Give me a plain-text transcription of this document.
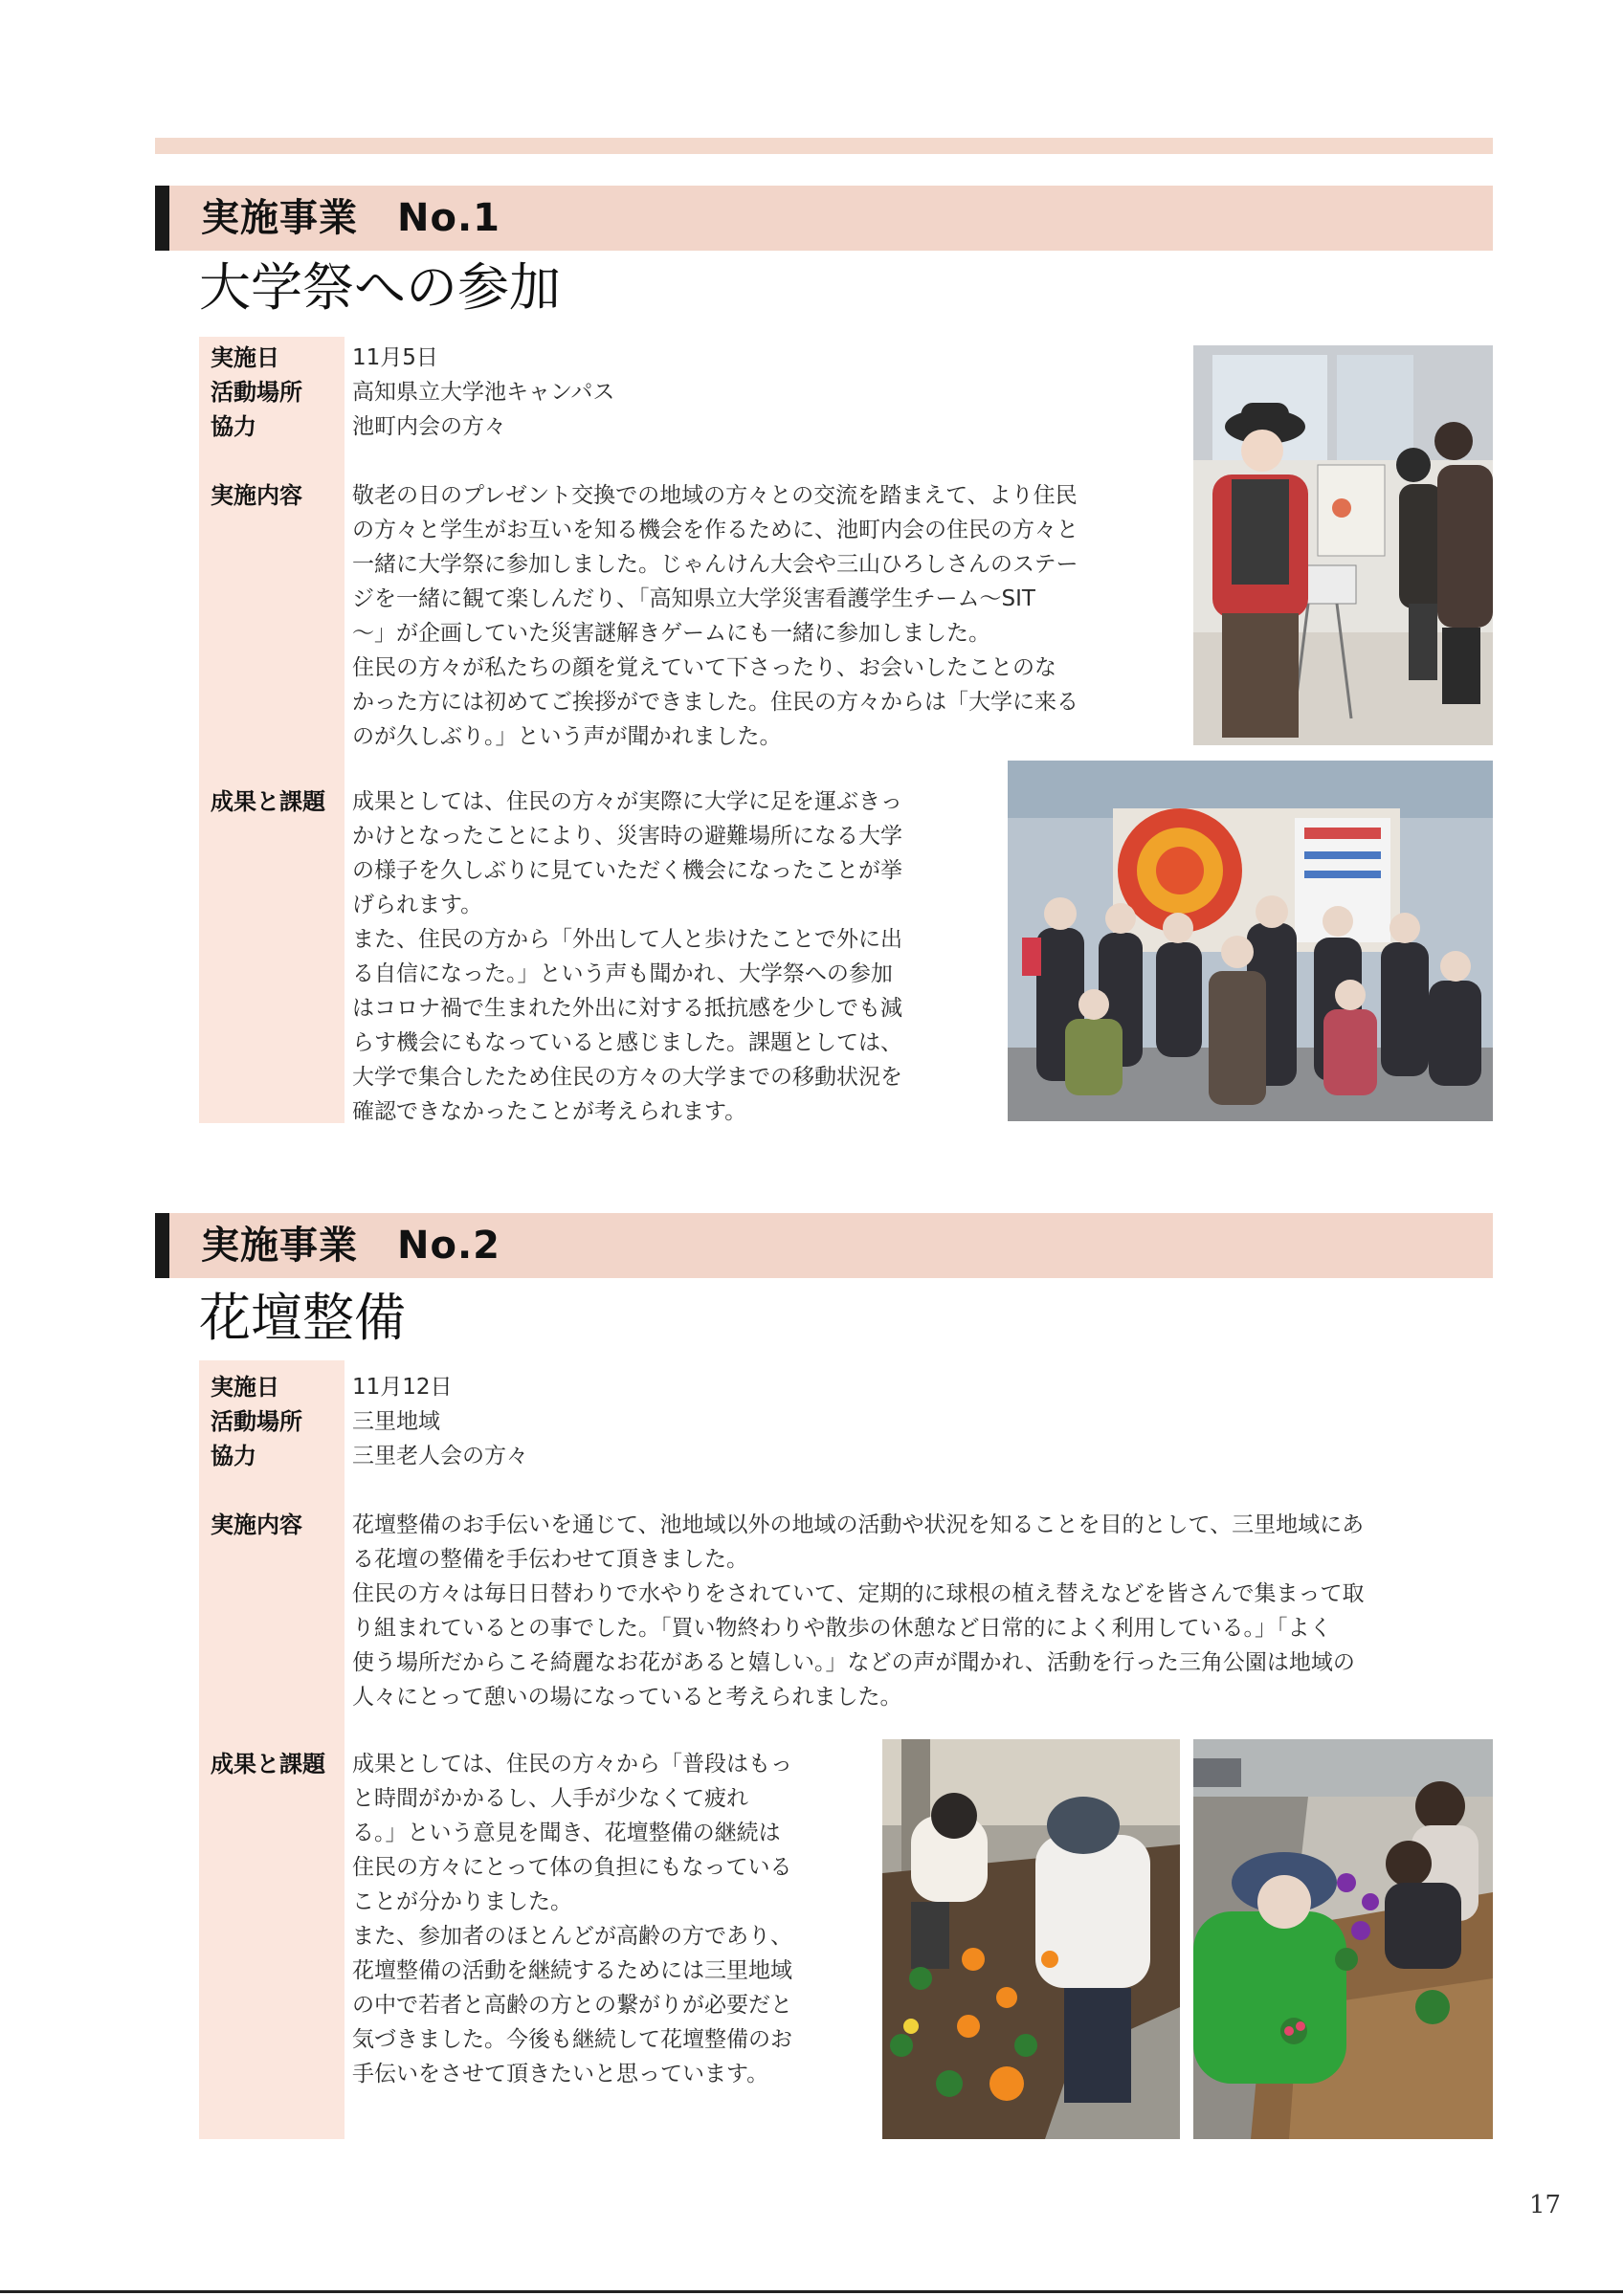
実施事業　No.1
大学祭への参加
実施日
活動場所
協力
実施内容
成果と課題
11月5日
高知県立大学池キャンパス
池町内会の方々

敬老の日のプレゼント交換での地域の方々との交流を踏まえて、より住民
の方々と学生がお互いを知る機会を作るために、池町内会の住民の方々と
一緒に大学祭に参加しました。じゃんけん大会や三山ひろしさんのステー
ジを一緒に観て楽しんだり、「高知県立大学災害看護学生チーム～SIT
～」が企画していた災害謎解きゲームにも一緒に参加しました。
住民の方々が私たちの顔を覚えていて下さったり、お会いしたことのな
かった方には初めてご挨拶ができました。住民の方々からは「大学に来る
のが久しぶり。」という声が聞かれました。

成果としては、住民の方々が実際に大学に足を運ぶきっ
かけとなったことにより、災害時の避難場所になる大学
の様子を久しぶりに見ていただく機会になったことが挙
げられます。
また、住民の方から「外出して人と歩けたことで外に出
る自信になった。」という声も聞かれ、大学祭への参加
はコロナ禍で生まれた外出に対する抵抗感を少しでも減
らす機会にもなっていると感じました。課題としては、
大学で集合したため住民の方々の大学までの移動状況を
確認できなかったことが考えられます。

実施事業　No.2
花壇整備
実施日
活動場所
協力
実施内容
成果と課題
11月12日
三里地域
三里老人会の方々

花壇整備のお手伝いを通じて、池地域以外の地域の活動や状況を知ることを目的として、三里地域にあ
る花壇の整備を手伝わせて頂きました。
住民の方々は毎日日替わりで水やりをされていて、定期的に球根の植え替えなどを皆さんで集まって取
り組まれているとの事でした。「買い物終わりや散歩の休憩など日常的によく利用している。」「よく
使う場所だからこそ綺麗なお花があると嬉しい。」などの声が聞かれ、活動を行った三角公園は地域の
人々にとって憩いの場になっていると考えられました。

成果としては、住民の方々から「普段はもっ
と時間がかかるし、人手が少なくて疲れ
る。」という意見を聞き、花壇整備の継続は
住民の方々にとって体の負担にもなっている
ことが分かりました。
また、参加者のほとんどが高齢の方であり、
花壇整備の活動を継続するためには三里地域
の中で若者と高齢の方との繋がりが必要だと
気づきました。今後も継続して花壇整備のお
手伝いをさせて頂きたいと思っています。

17
